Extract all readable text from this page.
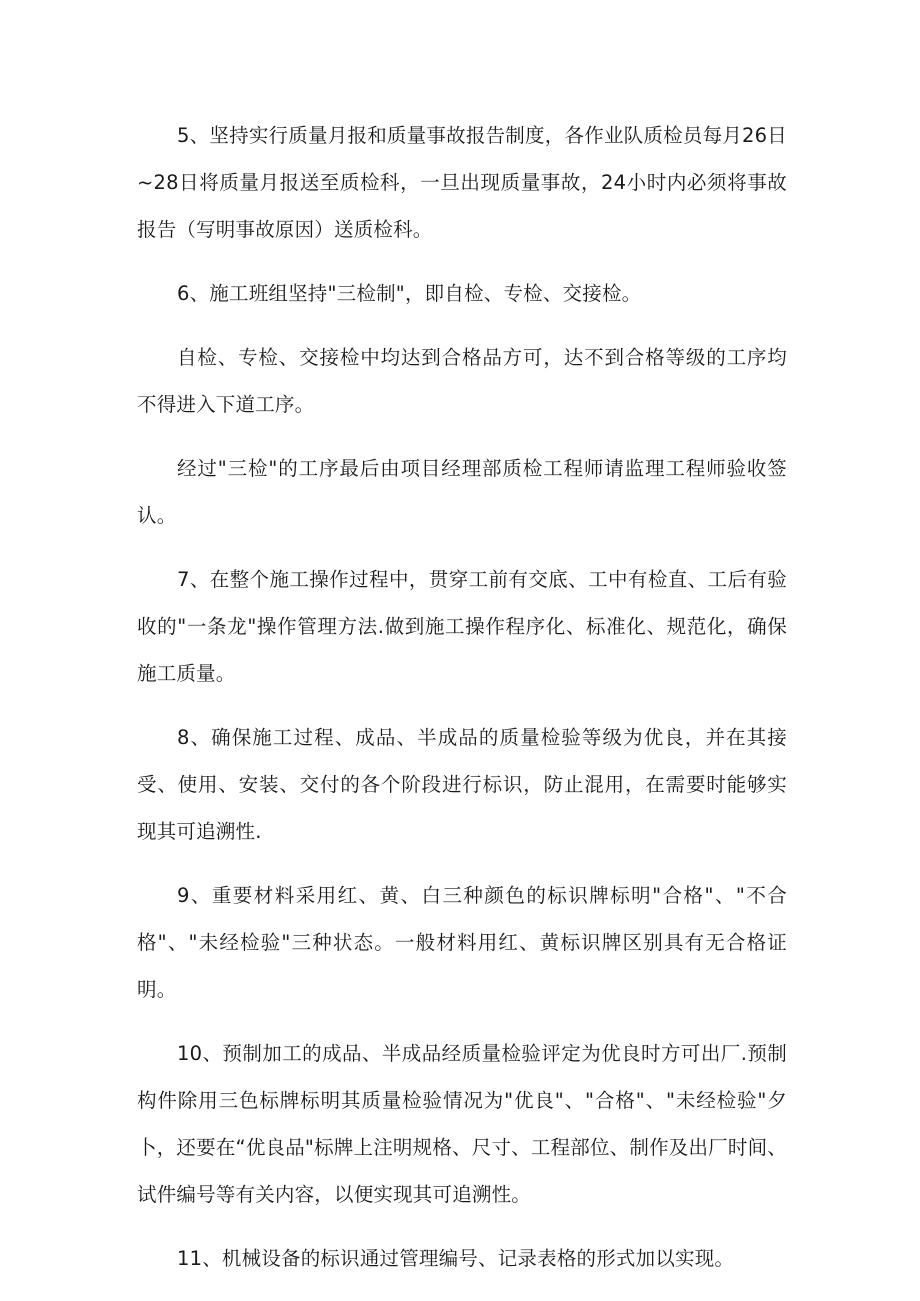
5、坚持实行质量月报和质量事故报告制度，各作业队质检员每月26日~28日将质量月报送至质检科，一旦出现质量事故，24小时内必须将事故报告（写明事故原因）送质检科。

6、施工班组坚持"三检制"，即自检、专检、交接检。

自检、专检、交接检中均达到合格品方可，达不到合格等级的工序均不得进入下道工序。

经过"三检"的工序最后由项目经理部质检工程师请监理工程师验收签认。

7、在整个施工操作过程中，贯穿工前有交底、工中有检直、工后有验收的"一条龙"操作管理方法.做到施工操作程序化、标准化、规范化，确保施工质量。

8、确保施工过程、成品、半成品的质量检验等级为优良，并在其接受、使用、安装、交付的各个阶段进行标识，防止混用，在需要时能够实现其可追溯性.

9、重要材料采用红、黄、白三种颜色的标识牌标明"合格"、"不合格"、"未经检验"三种状态。一般材料用红、黄标识牌区别具有无合格证明。

10、预制加工的成品、半成品经质量检验评定为优良时方可出厂.预制构件除用三色标牌标明其质量检验情况为"优良"、"合格"、"未经检验"夕卜，还要在“优良品"标牌上注明规格、尺寸、工程部位、制作及出厂时间、试件编号等有关内容，以便实现其可追溯性。

11、机械设备的标识通过管理编号、记录表格的形式加以实现。
